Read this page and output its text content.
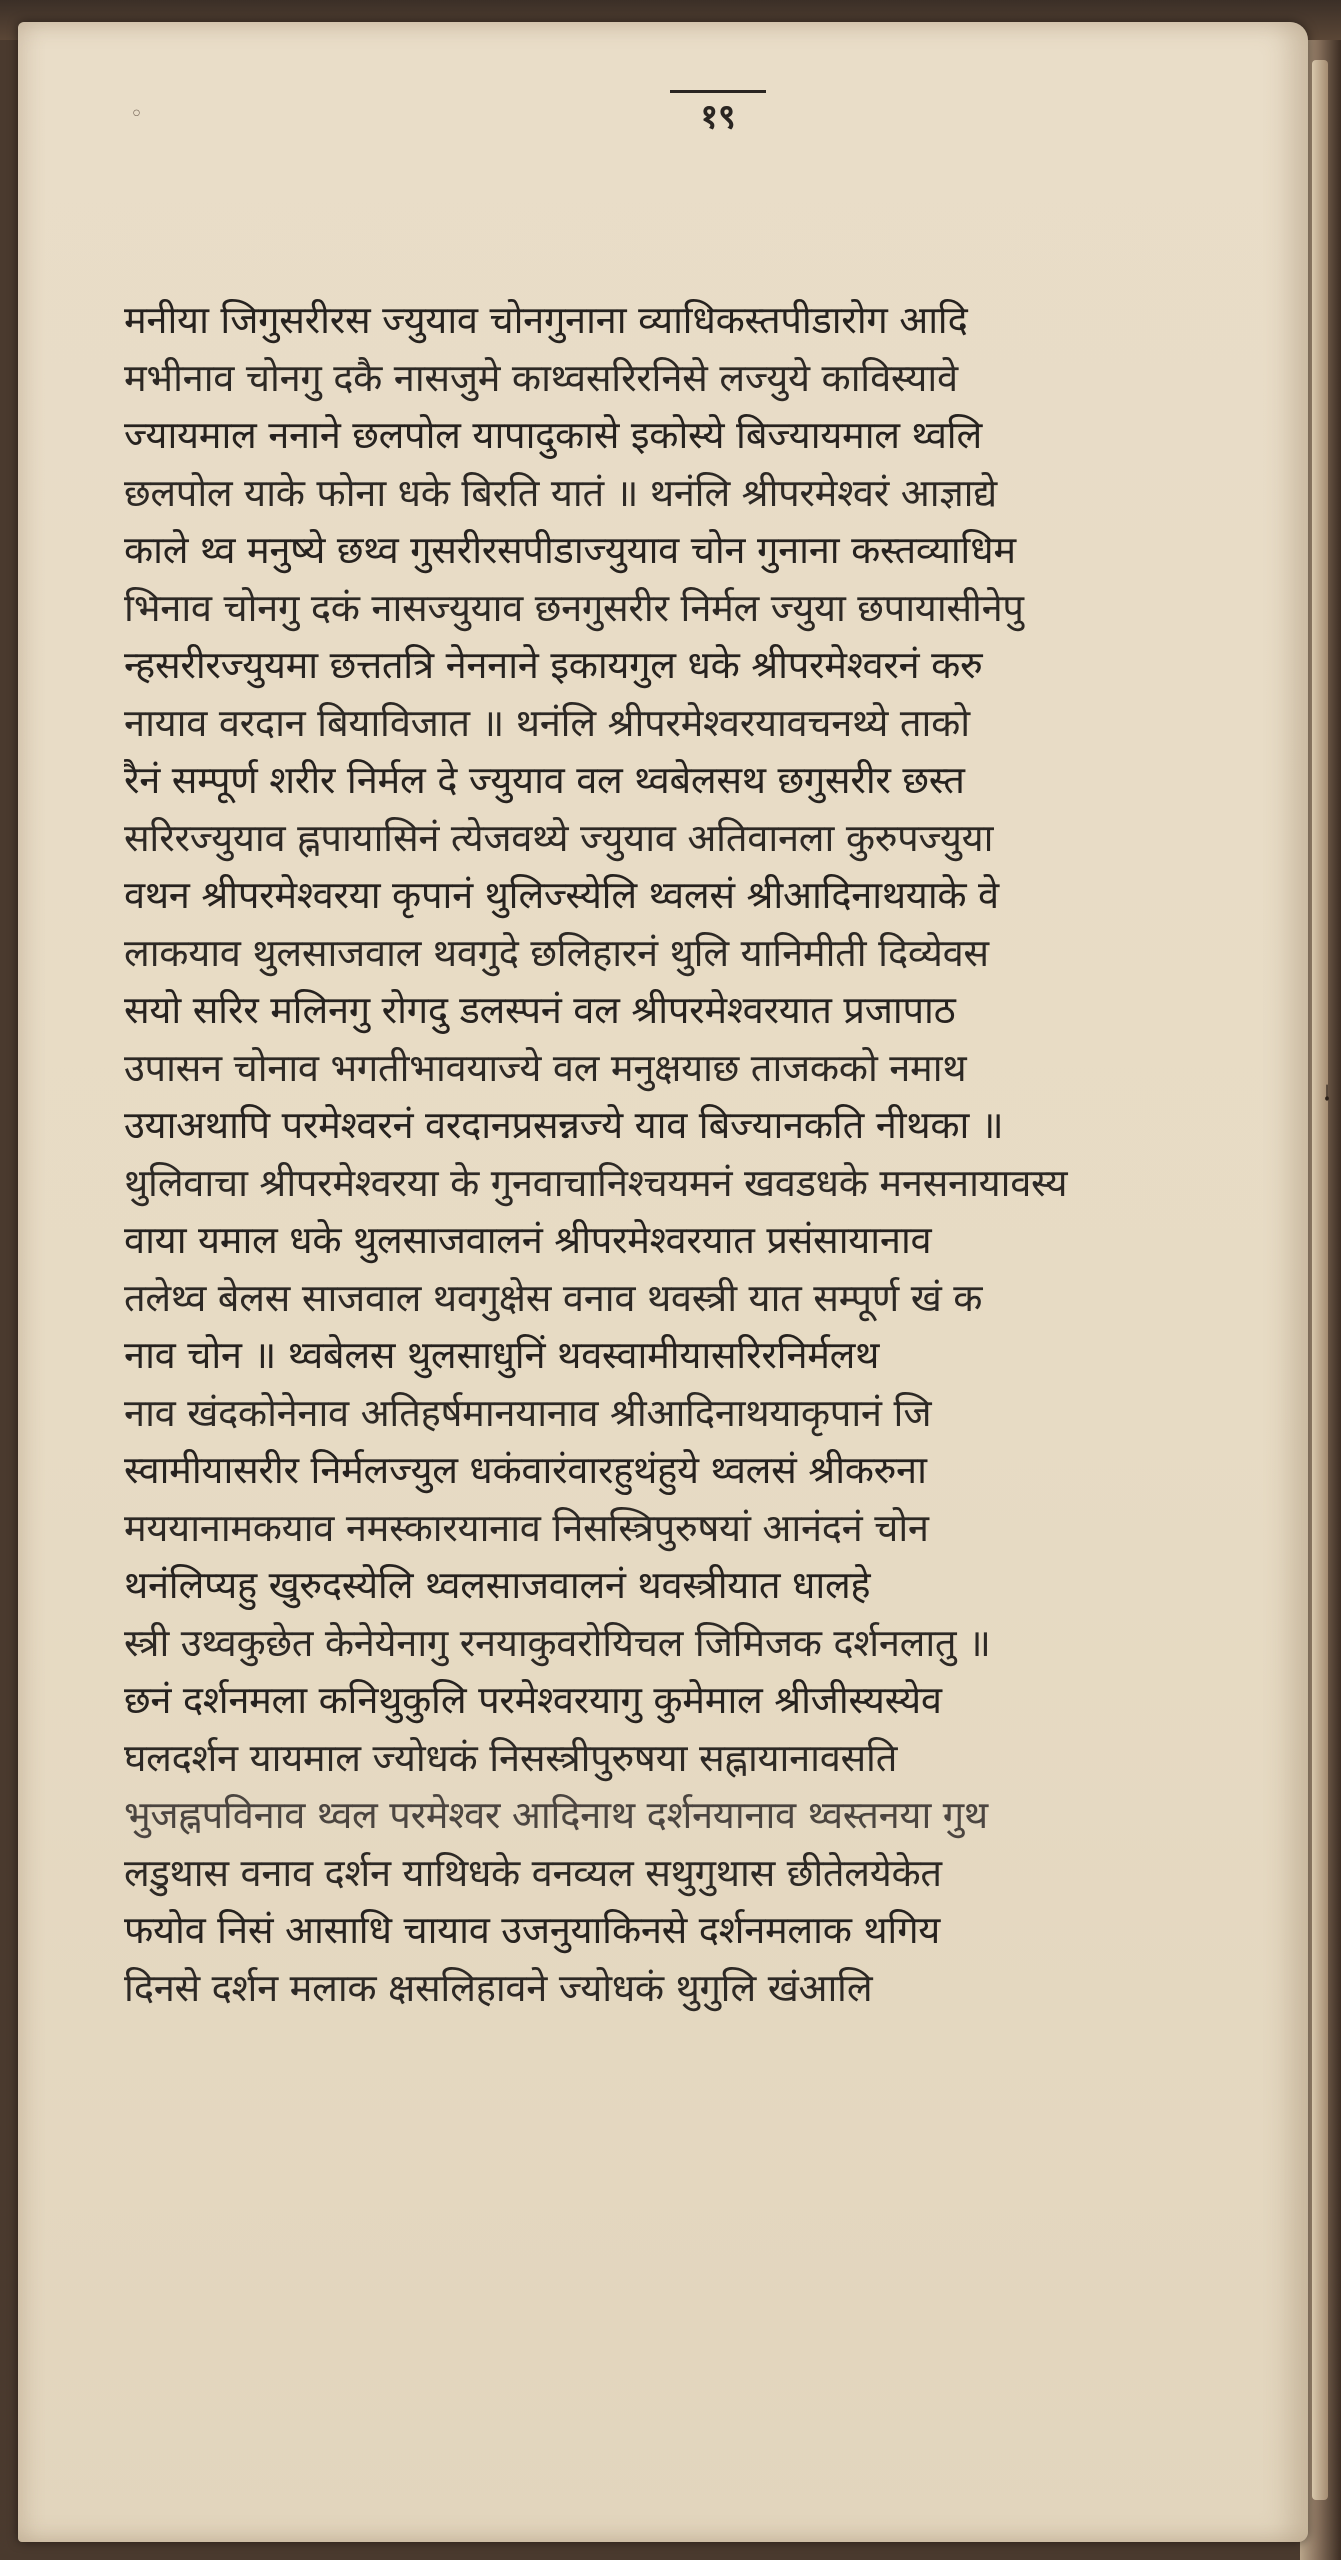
◦	१९
मनीया जिगुसरीरस ज्युयाव चोनगुनाना व्याधिकस्तपीडारोग आदि
मभीनाव चोनगु दकै नासजुमे काथ्वसरिरनिसे लज्युये काविस्यावे
ज्यायमाल ननाने छलपोल यापादुकासे इकोस्ये बिज्यायमाल थ्वलि
छलपोल याके फोना धके बिरति यातं ॥ थनंलि श्रीपरमेश्वरं आज्ञाद्ये
काले थ्व मनुष्ये छथ्व गुसरीरसपीडाज्युयाव चोन गुनाना कस्तव्याधिम
भिनाव चोनगु दकं नासज्युयाव छनगुसरीर निर्मल ज्युया छपायासीनेपु
न्हसरीरज्युयमा छत्ततत्रि नेननाने इकायगुल धके श्रीपरमेश्वरनं करु
नायाव वरदान बियाविजात ॥ थनंलि श्रीपरमेश्वरयावचनथ्ये ताको
रैनं सम्पूर्ण शरीर निर्मल दे ज्युयाव वल थ्वबेलसथ छगुसरीर छस्त
सरिरज्युयाव ह्नपायासिनं त्येजवथ्ये ज्युयाव अतिवानला कुरुपज्युया
वथन श्रीपरमेश्वरया कृपानं थुलिज्स्येलि थ्वलसं श्रीआदिनाथयाके वे
लाकयाव थुलसाजवाल थवगुदे छलिहारनं थुलि यानिमीती दिव्येवस
सयो सरिर मलिनगु रोगदु डलस्पनं वल श्रीपरमेश्वरयात प्रजापाठ
उपासन चोनाव भगतीभावयाज्ये वल मनुक्षयाछ ताजकको नमाथ
उयाअथापि परमेश्वरनं वरदानप्रसन्नज्ये याव बिज्यानकति नीथका ॥
थुलिवाचा श्रीपरमेश्वरया के गुनवाचानिश्चयमनं खवडधके मनसनायावस्य
वाया यमाल धके थुलसाजवालनं श्रीपरमेश्वरयात प्रसंसायानाव
तलेथ्व बेलस साजवाल थवगुक्षेस वनाव थवस्त्री यात सम्पूर्ण खं क
नाव चोन ॥ थ्वबेलस थुलसाधुनिं थवस्वामीयासरिरनिर्मलथ
नाव खंदकोनेनाव अतिहर्षमानयानाव श्रीआदिनाथयाकृपानं जि
स्वामीयासरीर निर्मलज्युल धकंवारंवारहुथंहुये थ्वलसं श्रीकरुना
मययानामकयाव नमस्कारयानाव निसस्त्रिपुरुषयां आनंदनं चोन
थनंलिप्यहु खुरुदस्येलि थ्वलसाजवालनं थवस्त्रीयात धालहे
स्त्री उथ्वकुछेत केनेयेनागु रनयाकुवरोयिचल जिमिजक दर्शनलातु ॥
छनं दर्शनमला कनिथुकुलि परमेश्वरयागु कुमेमाल श्रीजीस्यस्येव
घलदर्शन यायमाल ज्योधकं निसस्त्रीपुरुषया सह्नायानावसति
भुजह्नपविनाव थ्वल परमेश्वर आदिनाथ दर्शनयानाव थ्वस्तनया गुथ
लडुथास वनाव दर्शन याथिधके वनव्यल सथुगुथास छीतेलयेकेत
फयोव निसं आसाधि चायाव उजनुयाकिनसे दर्शनमलाक थगिय
दिनसे दर्शन मलाक क्षसलिहावने ज्योधकं थुगुलि खंआलि
ᛍ
